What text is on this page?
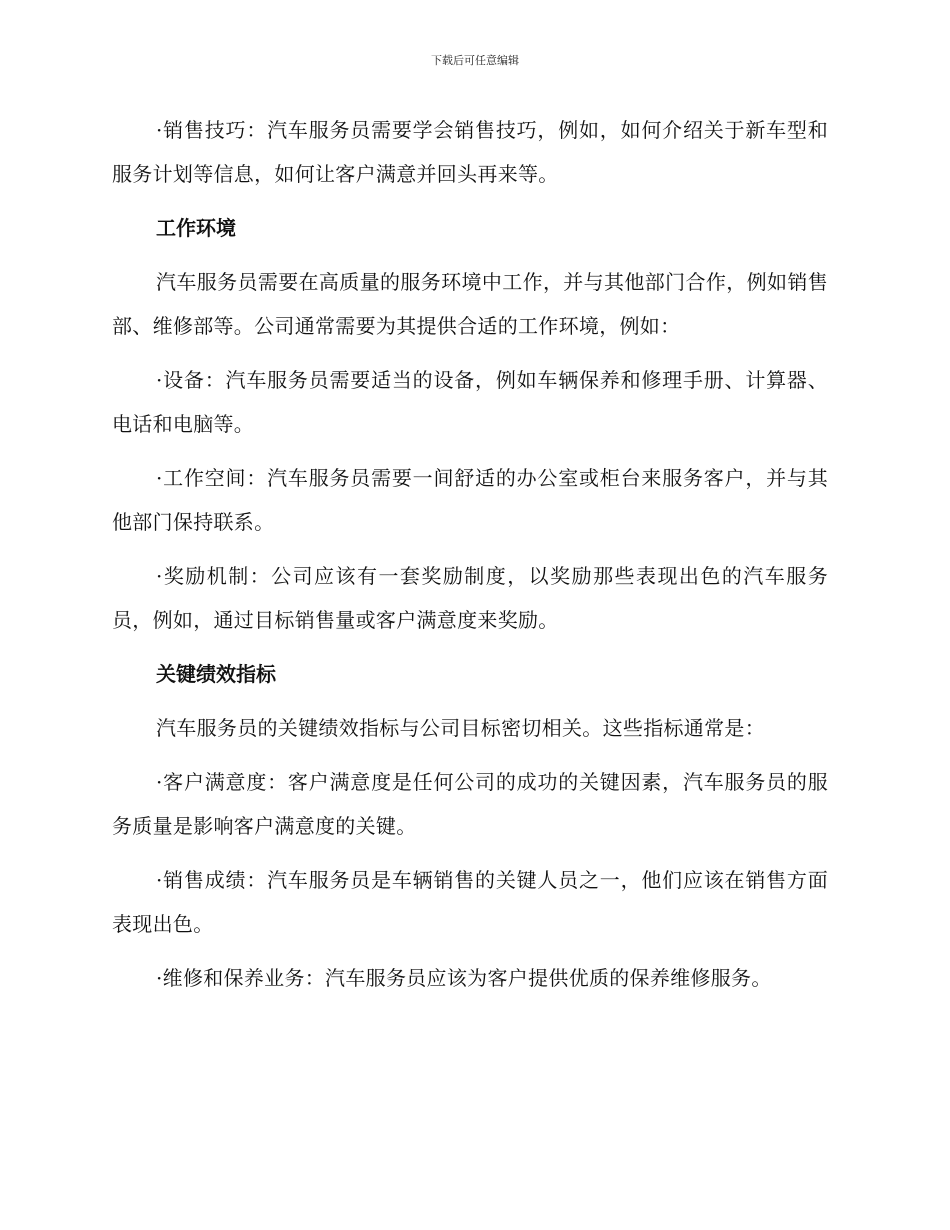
下载后可任意编辑

·销售技巧：汽车服务员需要学会销售技巧，例如，如何介绍关于新车型和服务计划等信息，如何让客户满意并回头再来等。

工作环境

汽车服务员需要在高质量的服务环境中工作，并与其他部门合作，例如销售部、维修部等。公司通常需要为其提供合适的工作环境，例如：

·设备：汽车服务员需要适当的设备，例如车辆保养和修理手册、计算器、电话和电脑等。

·工作空间：汽车服务员需要一间舒适的办公室或柜台来服务客户，并与其他部门保持联系。

·奖励机制：公司应该有一套奖励制度，以奖励那些表现出色的汽车服务员，例如，通过目标销售量或客户满意度来奖励。

关键绩效指标

汽车服务员的关键绩效指标与公司目标密切相关。这些指标通常是：

·客户满意度：客户满意度是任何公司的成功的关键因素，汽车服务员的服务质量是影响客户满意度的关键。

·销售成绩：汽车服务员是车辆销售的关键人员之一，他们应该在销售方面表现出色。

·维修和保养业务：汽车服务员应该为客户提供优质的保养维修服务。
